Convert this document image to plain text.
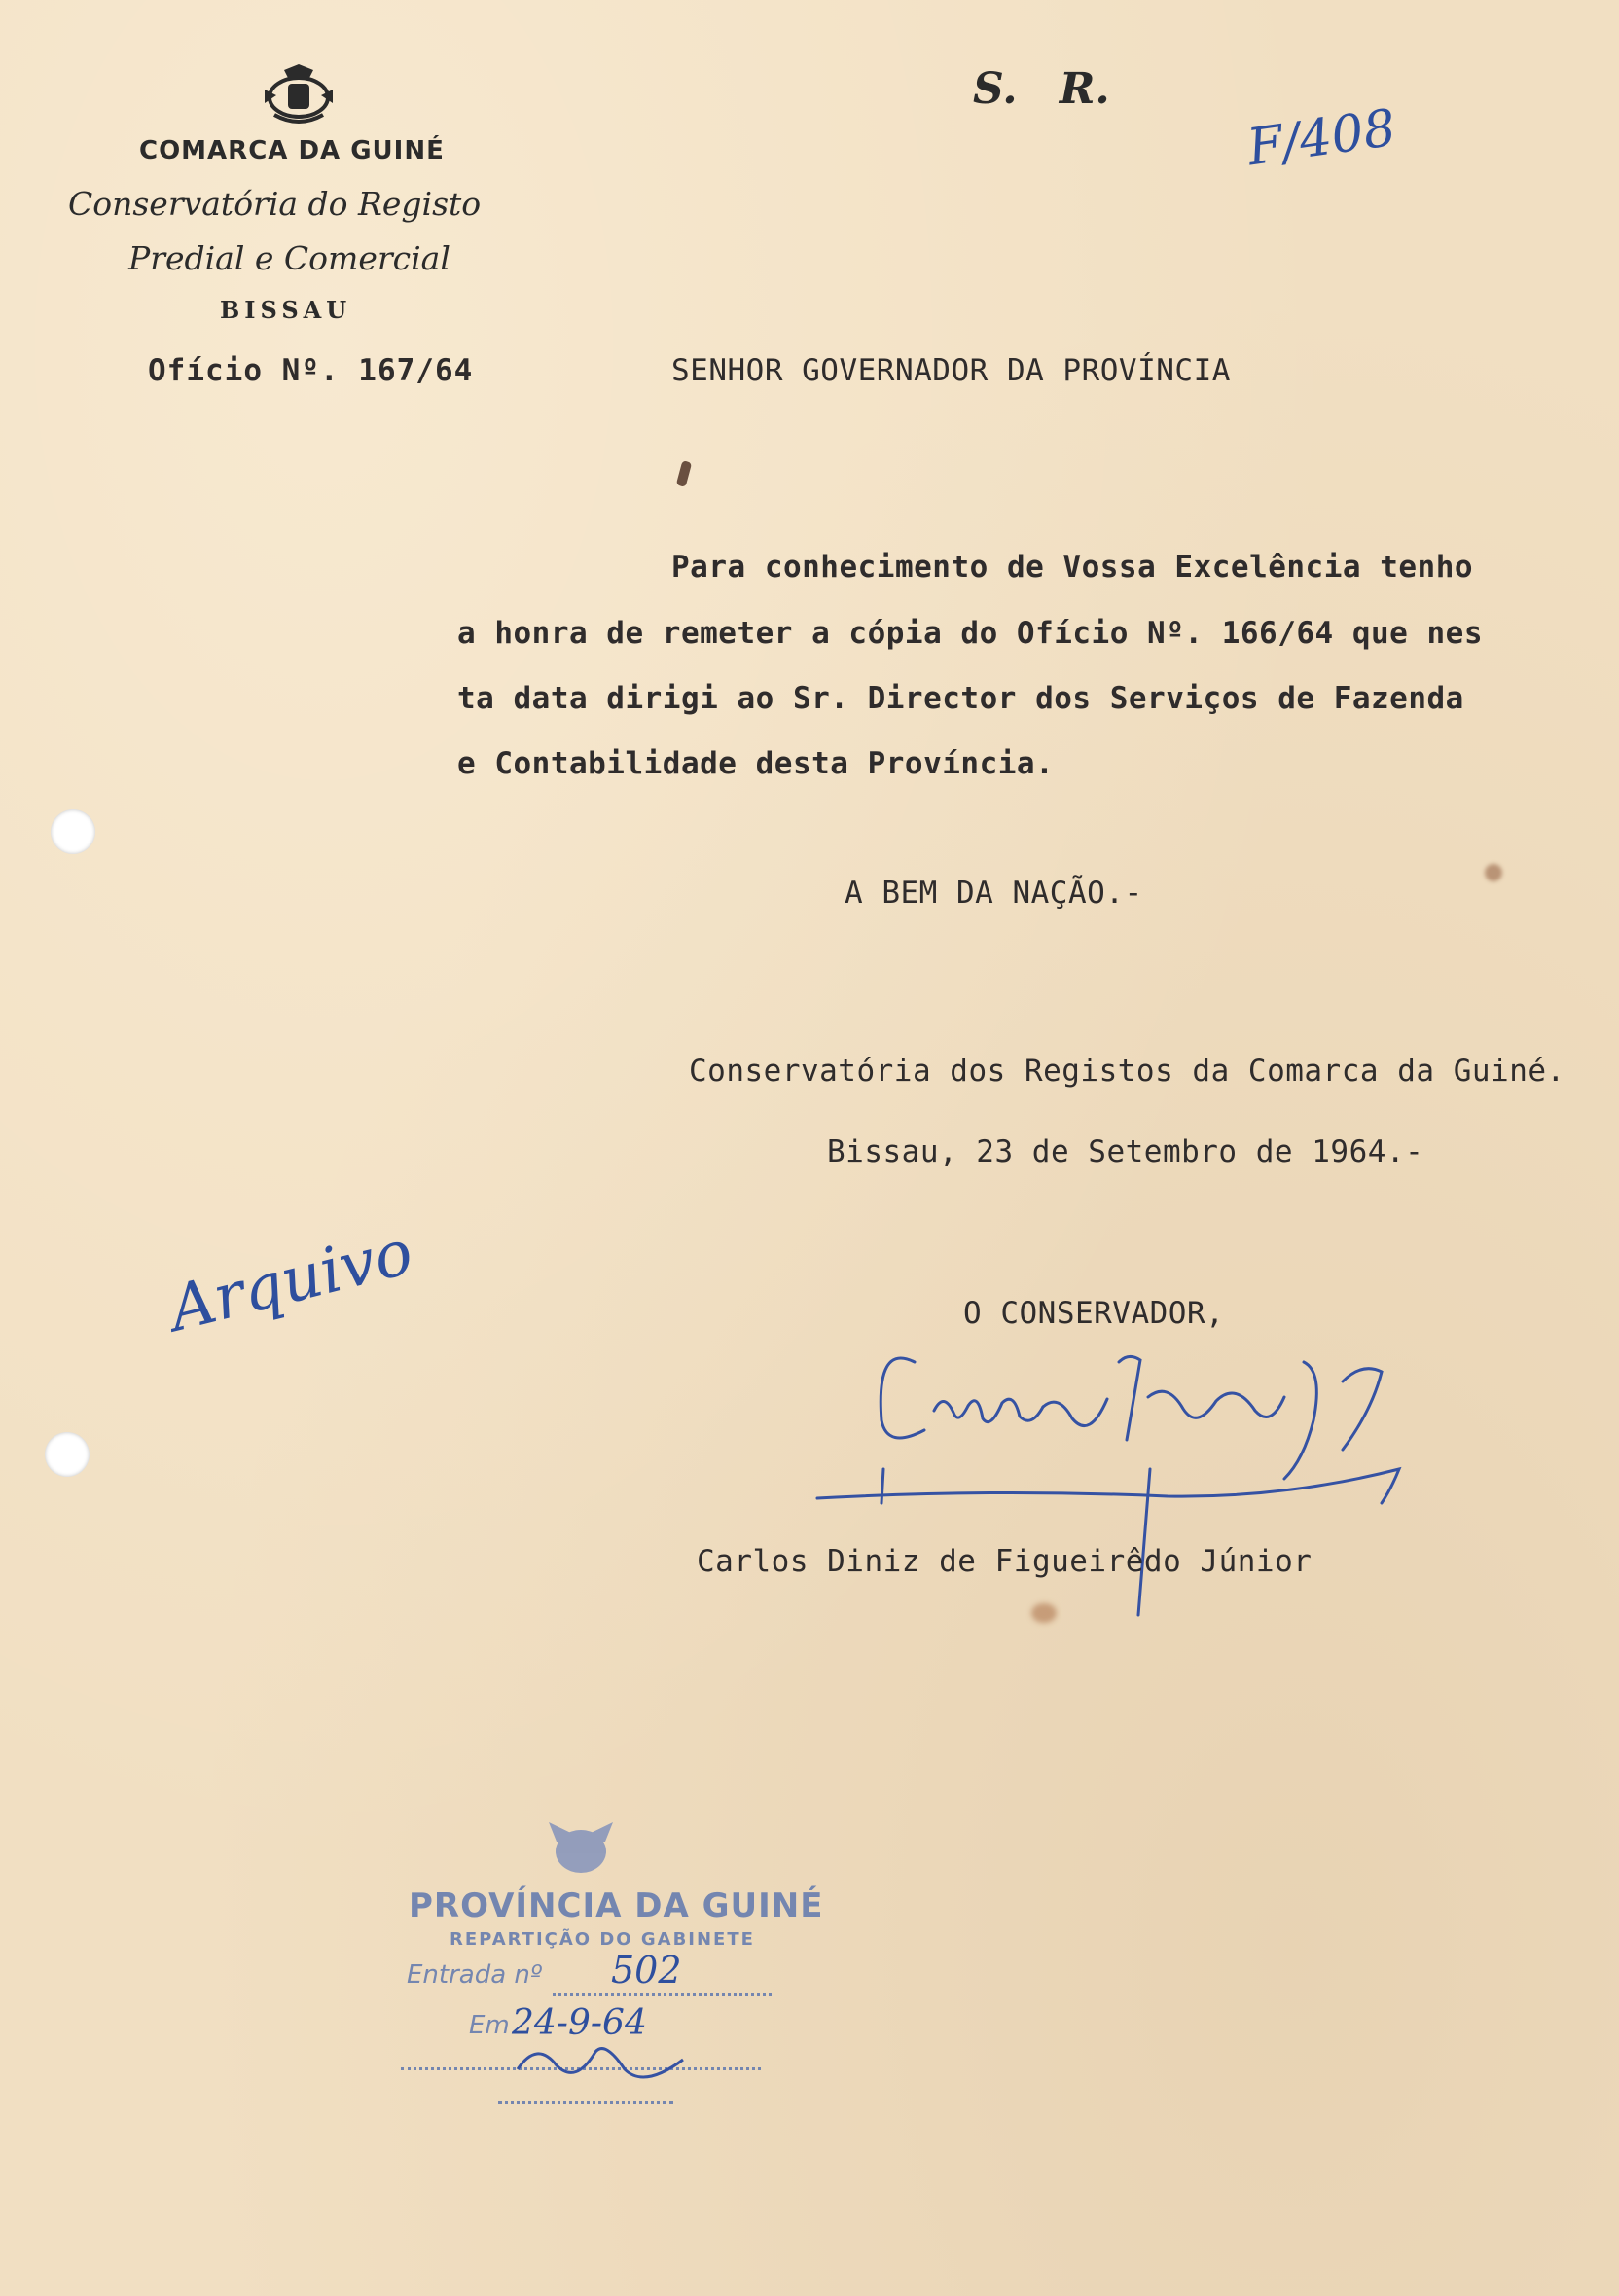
COMARCA DA GUINÉ
Conservatória do Registo
Predial e Comercial
BISSAU
S. R.
F/408
Ofício Nº. 167/64	SENHOR GOVERNADOR DA PROVÍNCIA
Para conhecimento de Vossa Excelência tenho
a honra de remeter a cópia do Ofício Nº. 166/64 que nes
ta data dirigi ao Sr. Director dos Serviços de Fazenda
e Contabilidade desta Província.
A BEM DA NAÇÃO.-
Conservatória dos Registos da Comarca da Guiné.
Bissau, 23 de Setembro de 1964.-
Arquivo	O CONSERVADOR,
Carlos Diniz de Figueirêdo Júnior
PROVÍNCIA DA GUINÉ
REPARTIÇÃO DO GABINETE
Entrada nº 502
Em 24-9-64
